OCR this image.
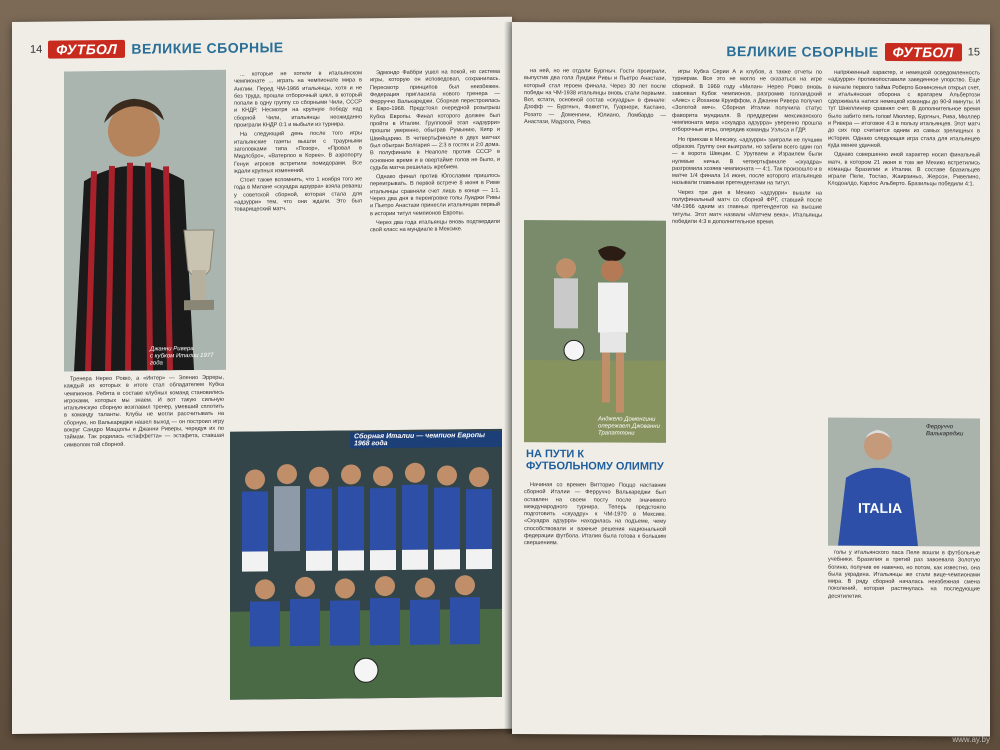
14	ФУТБОЛ	ВЕЛИКИЕ СБОРНЫЕ
Джанни Ривера
с кубком Италии 1977 года

... которые не хотели в итальянском чемпионате ... играть на чемпионате мира в Англии. Перед ЧМ-1966 итальянцы, хотя и не без труда, прошли отборочный цикл, в который попали в одну группу со сборными Чили, СССР и КНДР. Несмотря на крупную победу над сборной Чили, итальянцы неожиданно проиграли КНДР 0:1 и выбыли из турнира.

На следующий день после того игры итальянские газеты вышли с траурными заголовками типа «Позор», «Провал в Мидлсбро», «Ватерлоо в Корее». В аэропорту Генуи игроков встретили помидорами. Все ждали крупных изменений.

Стоит также вспомнить, что 1 ноября того же года в Милане «скуадра адзурра» взяла реванш у советской сборной, которая стала для «адзурри» тем, что они ждали. Это был товарищеский матч.

Эдмондо Фаббри ушел на покой, но система игры, которую он исповедовал, сохранилась. Пересмотр принципов был неизбежен. Федерация пригласила нового тренера — Ферруччо Валькареджи. Сборная перестроилась к Евро-1968. Предстоял очередной розыгрыш Кубка Европы. Финал которого должен был пройти в Италии. Групповой этап «адзурри» прошли уверенно, обыграв Румынию, Кипр и Швейцарию. В четвертьфинале в двух матчах был обыгран Болгария — 2:3 в гостях и 2:0 дома. В полуфинале в Неаполе против СССР в основное время и в овертайме голов не было, и судьба матча решилась жребием.

Однако финал против Югославии пришлось переигрывать. В первой встрече 8 июня в Риме итальянцы сравняли счет лишь в конце — 1:1. Через два дня в переигровке голы Луиджи Ривы и Пьетро Анастази принесли итальянцам первый в истории титул чемпионов Европы.

Через два года итальянцы вновь подтвердили свой класс на мундиале в Мексике.

Тренера Нерео Рокко, а «Интер» — Эленио Эрреры, каждый из которых в итоге стал обладателем Кубка чемпионов. Ребята в составе клубных команд становились игроками, которых мы знаем. И вот такую сильную итальянскую сборную возглавил тренер, умевший сплотить в команду таланты. Клубы не могли рассчитывать на сборную, но Валькареджи нашел выход — он построил игру вокруг Сандро Маццолы и Джанни Риверы, чередуя их по таймам. Так родилась «стаффетта» — эстафета, ставшая символом той сборной.

Сборная Италии — чемпион Европы 1968 года
ВЕЛИКИЕ СБОРНЫЕ	ФУТБОЛ	15

на ней, но не отдали Бургныч. Гости проиграли, выпустив два гола Луиджи Ривы и Пьетро Анастази, который стал героем финала. Через 30 лет после победы на ЧМ-1938 итальянцы вновь стали первыми. Вот, кстати, основной состав «скуадры» в финале: Дзофф — Бургныч, Факкетти, Гуарнери, Кастано, Розато — Доменгини, Юлиано, Ломбардо — Анастази, Мадзола, Рива.

Анджело Доменгини
опережает Джованни Трапаттони
НА ПУТИ К ФУТБОЛЬНОМУ ОЛИМПУ

Начиная со времен Витторио Поццо наставник сборной Италии — Ферруччо Валькареджи был оставлен на своем посту после значимого международного турнира. Теперь предстояло подготовить «скуадру» к ЧМ-1970 в Мексике. «Скуадра адзурра» находилась на подъеме, чему способствовали и важные решения национальной федерации футбола. Италия была готова к большим свершениям.

игры Кубка Серии А и клубов, а также отчеты по турнирам. Все это не могло не сказаться на игре сборной. В 1969 году «Милан» Нерео Рокко вновь завоевал Кубок чемпионов, разгромив голландский «Аякс» с Йоханом Круиффом, а Джанни Ривера получил «Золотой мяч». Сборная Италии получила статус фаворита мундиаля. В преддверии мексиканского чемпионата мира «скуадра адзурра» уверенно прошла отборочные игры, опередив команды Уэльса и ГДР.

Но приехав в Мексику, «адзурри» заиграли не лучшим образом. Группу они выиграли, но забили всего один гол — в ворота Швеции. С Уругваем и Израилем были нулевые ничьи. В четвертьфинале «скуадра» разгромила хозяев чемпионата — 4:1. Так произошло и в матче 1/4 финала 14 июня, после которого итальянцев называли главными претендентами на титул.

Через три дня в Мехико «адзурри» вышли на полуфинальный матч со сборной ФРГ, ставший после ЧМ-1966 одним из главных претендентов на высшие титулы. Этот матч назвали «Матчем века». Итальянцы победили 4:3 в дополнительное время.

напряженный характер, и немецкой осведомленность «адзурри» противопоставили заведенное упорство. Еще в начале первого тайма Роберто Бонинсенья открыл счет, и итальянская оборона с вратарем Альбертози сдерживала натиск немецкой команды до 90-й минуты. И тут Шнеллингер сравнял счет. В дополнительное время было забито пять голов! Мюллер, Бургныч, Рива, Мюллер и Ривера — итоговое 4:3 в пользу итальянцев. Этот матч до сих пор считается одним из самых зрелищных в истории. Однако следующая игра стала для итальянцев куда менее удачной.

Однако совершенно иной характер носил финальный матч, в котором 21 июня в том же Мехико встретились команды Бразилии и Италии. В составе бразильцев играли Пеле, Тостао, Жаирзиньо, Жерсон, Ривелино, Клодоалдо, Карлос Альберто. Бразильцы победили 4:1.

ITALIA
Ферруччо
Валькареджи

голы у итальянского паса Пеле вошли в футбольные учебники. Бразилия в третий раз завоевала Золотую богиню, получив ее навечно, но потом, как известно, она была украдена. Итальянцы же стали вице-чемпионами мира. В ряду сборной началась неизбежная смена поколений, которая растянулась на последующие десятилетия.

www.ay.by
